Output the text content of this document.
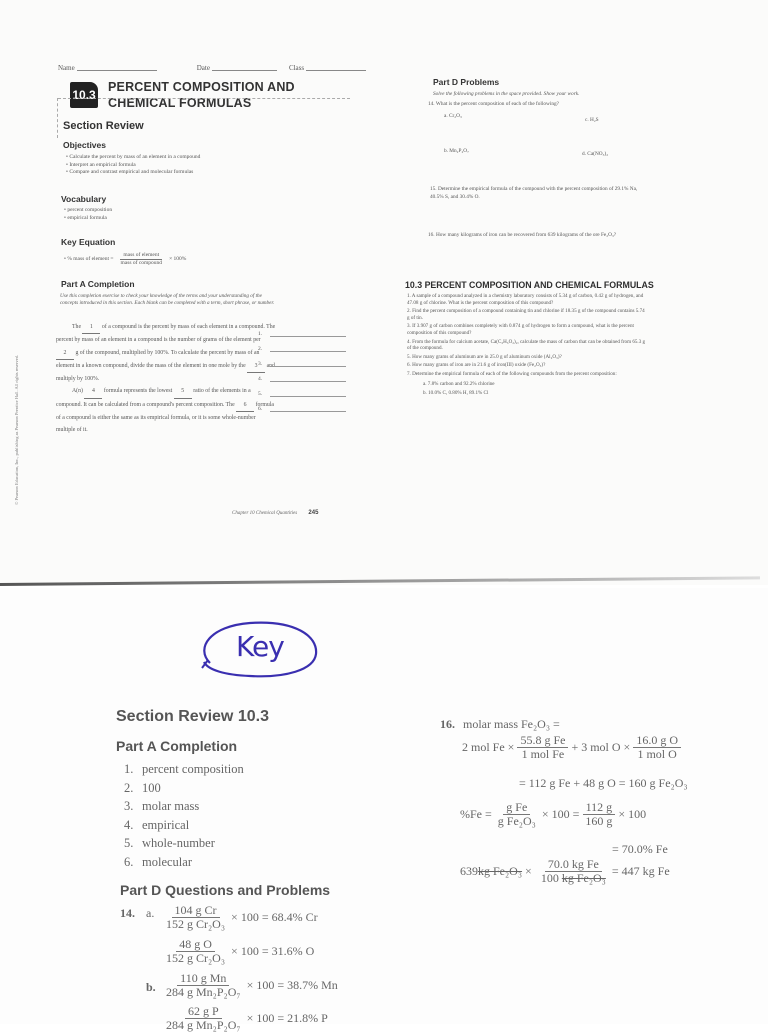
Name	Date	Class
10.3
PERCENT COMPOSITION AND
CHEMICAL FORMULAS
Section Review
Objectives
• Calculate the percent by mass of an element in a compound
• Interpret an empirical formula
• Compare and contrast empirical and molecular formulas
Vocabulary
• percent composition
• empirical formula
Key Equation
• % mass of element = $\frac{\text{mass of element}}{\text{mass of compound}} \times 100\%$
Part A Completion
Use this completion exercise to check your knowledge of the terms and your understanding of the concepts introduced in this section. Each blank can be completed with a term, short phrase, or number.
The 1 of a compound is the percent by mass of each element in a compound. The percent by mass of an element in a compound is the number of grams of the element per 2 g of the compound, multiplied by 100%. To calculate the percent by mass of an element in a known compound, divide the mass of the element in one mole by the 3 and multiply by 100%.
A(n) 4 formula represents the lowest 5 ratio of the elements in a compound. It can be calculated from a compound's percent composition. The 6 formula of a compound is either the same as its empirical formula, or it is some whole-number multiple of it.
1.
2.
3.
4.
5.
6.
© Pearson Education, Inc., publishing as Pearson Prentice Hall. All rights reserved.
Chapter 10 Chemical Quantities 245
Part D Problems
Solve the following problems in the space provided. Show your work.
14. What is the percent composition of each of the following?
a. Cr₂O₃
c. H₂S
b. Mn₂P₂O₇	d. Ca(NO₃)₂
15. Determine the empirical formula of the compound with the percent composition of 29.1% Na, 40.5% S, and 30.4% O.
16. How many kilograms of iron can be recovered from 639 kilograms of the ore Fe₂O₃?
10.3 PERCENT COMPOSITION AND CHEMICAL FORMULAS
1. A sample of a compound analyzed in a chemistry laboratory consists of 5.34 g of carbon, 0.42 g of hydrogen, and 47.08 g of chlorine. What is the percent composition of this compound?
2. Find the percent composition of a compound containing tin and chlorine if 18.35 g of the compound contains 5.74 g of tin.
3. If 3.907 g of carbon combines completely with 0.874 g of hydrogen to form a compound, what is the percent composition of this compound?
4. From the formula for calcium acetate, Ca(C₂H₃O₂)₂, calculate the mass of carbon that can be obtained from 65.3 g of the compound.
5. How many grams of aluminum are in 25.0 g of aluminum oxide (Al₂O₃)?
6. How many grams of iron are in 21.6 g of iron(III) oxide (Fe₂O₃)?
7. Determine the empirical formula of each of the following compounds from the percent composition:
a. 7.8% carbon and 92.2% chlorine
b. 10.0% C, 0.80% H, 89.1% Cl
Key
Section Review 10.3
Part A Completion
1. percent composition
2. 100
3. molar mass
4. empirical
5. whole-number
6. molecular
Part D Questions and Problems
14. a. $\frac{\text{104 g Cr}}{\text{152 g Cr₂O₃}} \times 100 = 68.4\%$ Cr
$\frac{\text{48 g O}}{\text{152 g Cr₂O₃}} \times 100 = 31.6\%$ O
b. $\frac{\text{110 g Mn}}{\text{284 g Mn₂P₂O₇}} \times 100 = 38.7\%$ Mn
$\frac{\text{62 g P}}{\text{284 g Mn₂P₂O₇}} \times 100 = 21.8\%$ P
16. molar mass Fe₂O₃ =
2 mol $Fe \times \frac{\text{55.8 g Fe}}{\text{1 mol Fe}} + 3$ mol $O \times \frac{\text{16.0 g O}}{\text{1 mol O}}$
= 112 g Fe + 48 g O = 160 g Fe₂O₃
$\%Fe = \frac{\text{g Fe}}{\text{g Fe₂O₃}} \times 100 = \frac{112 g}{160 g} \times 100$
= 70.0% Fe
639 kg $Fe_2O_3 \times \frac{\text{70.0 kg Fe}}{\text{100 kg Fe₂O₃}} = 447$ kg Fe
